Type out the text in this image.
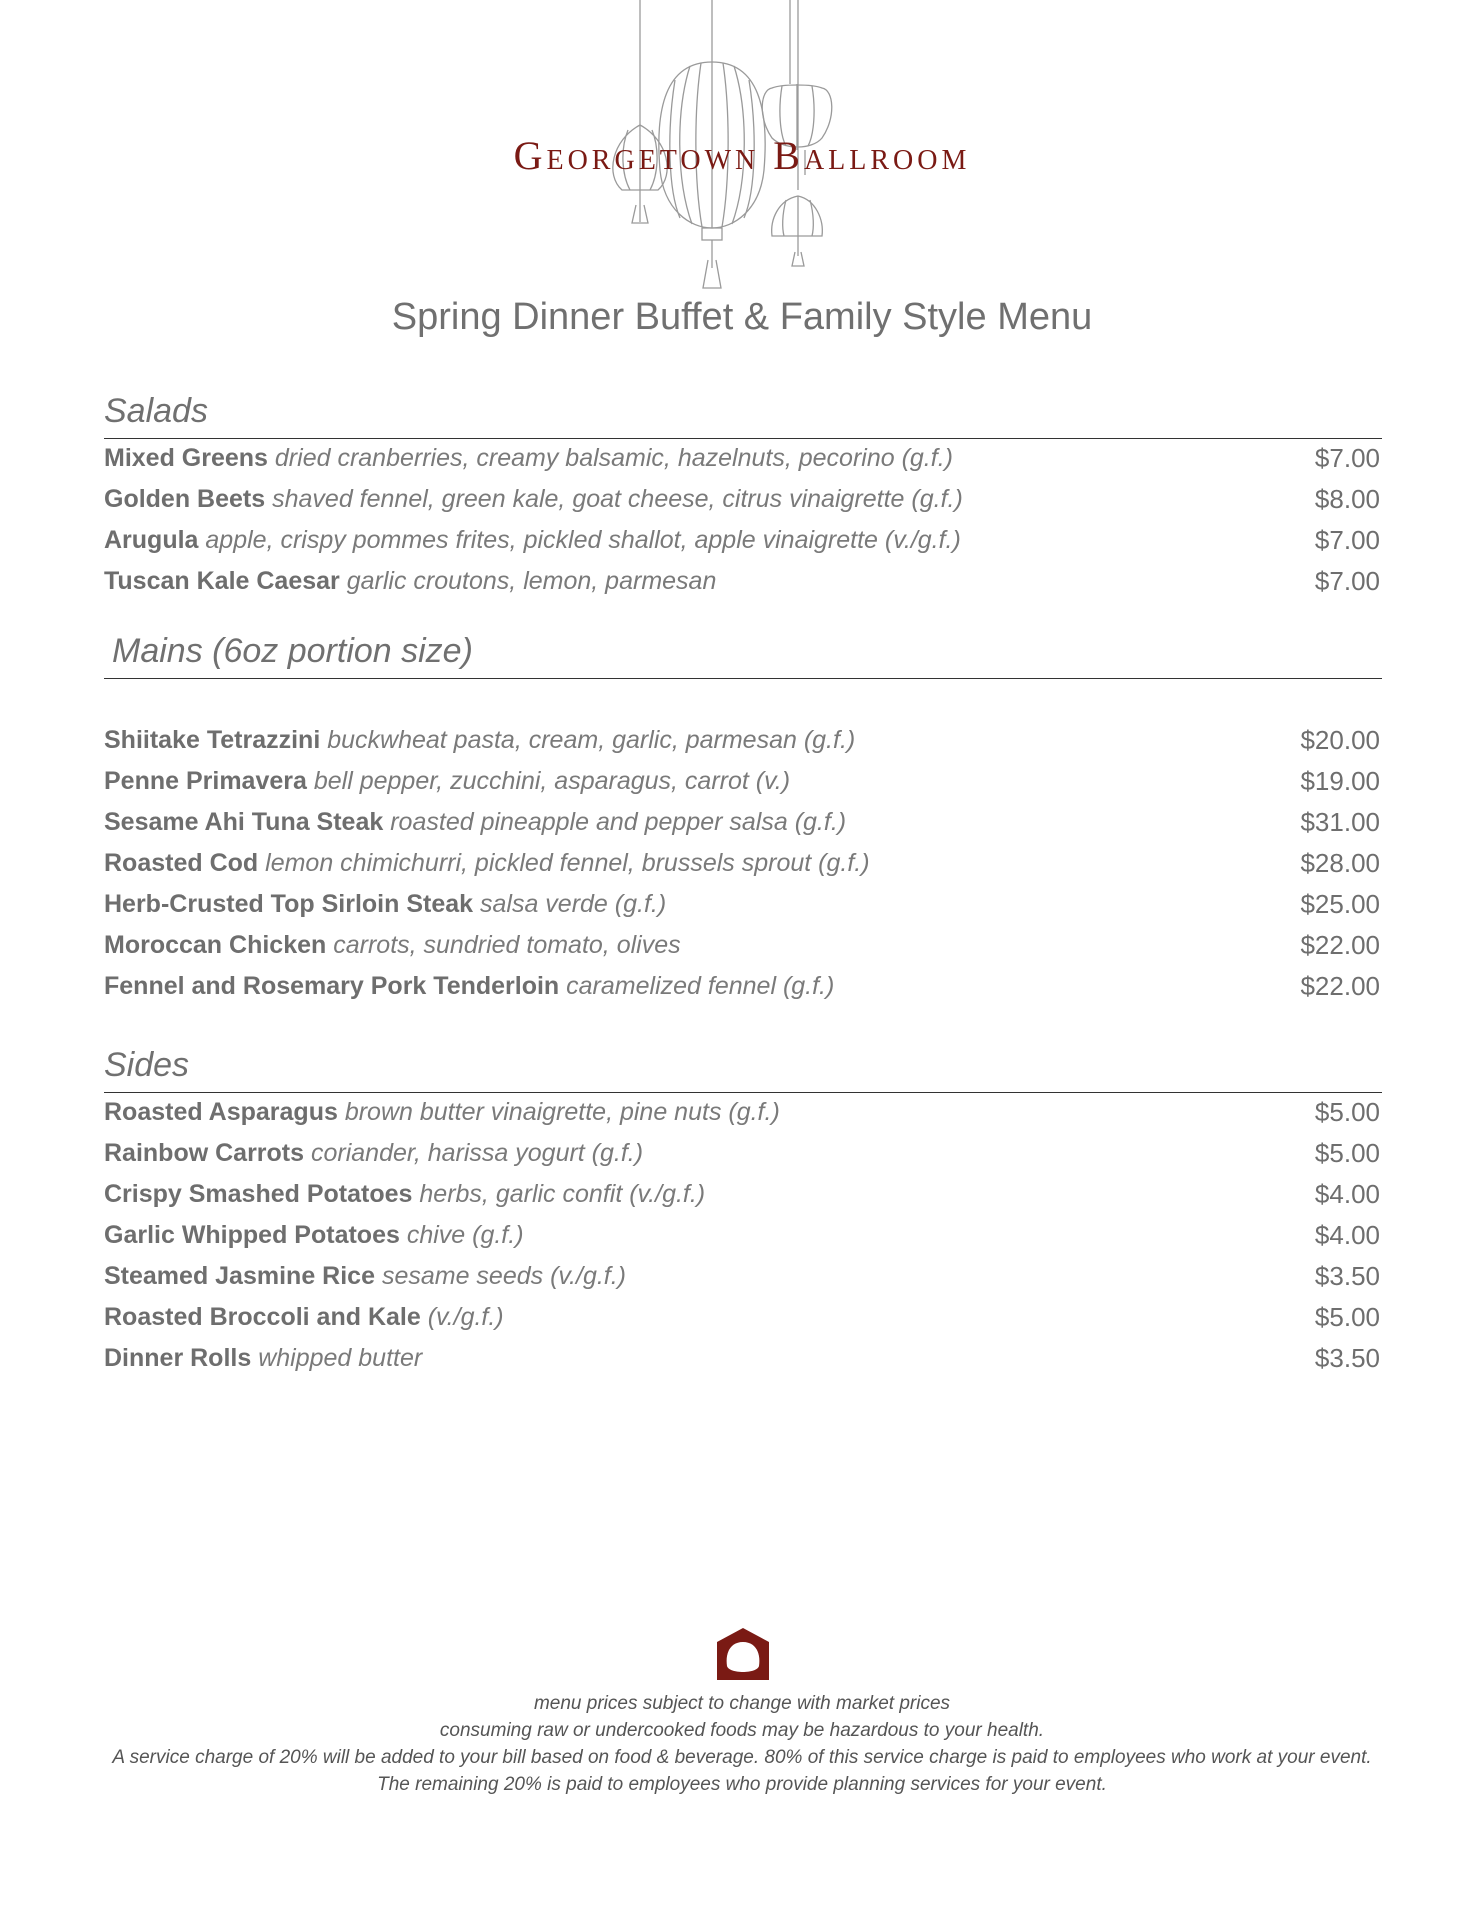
Georgetown Ballroom
Spring Dinner Buffet & Family Style Menu
Salads
Mixed Greens dried cranberries, creamy balsamic, hazelnuts, pecorino (g.f.)	$7.00
Golden Beets shaved fennel, green kale, goat cheese, citrus vinaigrette (g.f.)	$8.00
Arugula apple, crispy pommes frites, pickled shallot, apple vinaigrette (v./g.f.)	$7.00
Tuscan Kale Caesar garlic croutons, lemon, parmesan	$7.00
Mains (6oz portion size)
Shiitake Tetrazzini buckwheat pasta, cream, garlic, parmesan (g.f.)	$20.00
Penne Primavera bell pepper, zucchini, asparagus, carrot (v.)	$19.00
Sesame Ahi Tuna Steak roasted pineapple and pepper salsa (g.f.)	$31.00
Roasted Cod lemon chimichurri, pickled fennel, brussels sprout (g.f.)	$28.00
Herb-Crusted Top Sirloin Steak salsa verde (g.f.)	$25.00
Moroccan Chicken carrots, sundried tomato, olives	$22.00
Fennel and Rosemary Pork Tenderloin caramelized fennel (g.f.)	$22.00
Sides
Roasted Asparagus brown butter vinaigrette, pine nuts (g.f.)	$5.00
Rainbow Carrots coriander, harissa yogurt (g.f.)	$5.00
Crispy Smashed Potatoes herbs, garlic confit (v./g.f.)	$4.00
Garlic Whipped Potatoes chive (g.f.)	$4.00
Steamed Jasmine Rice sesame seeds (v./g.f.)	$3.50
Roasted Broccoli and Kale (v./g.f.)	$5.00
Dinner Rolls whipped butter	$3.50
menu prices subject to change with market prices
consuming raw or undercooked foods may be hazardous to your health.
A service charge of 20% will be added to your bill based on food & beverage. 80% of this service charge is paid to employees who work at your event. The remaining 20% is paid to employees who provide planning services for your event.
